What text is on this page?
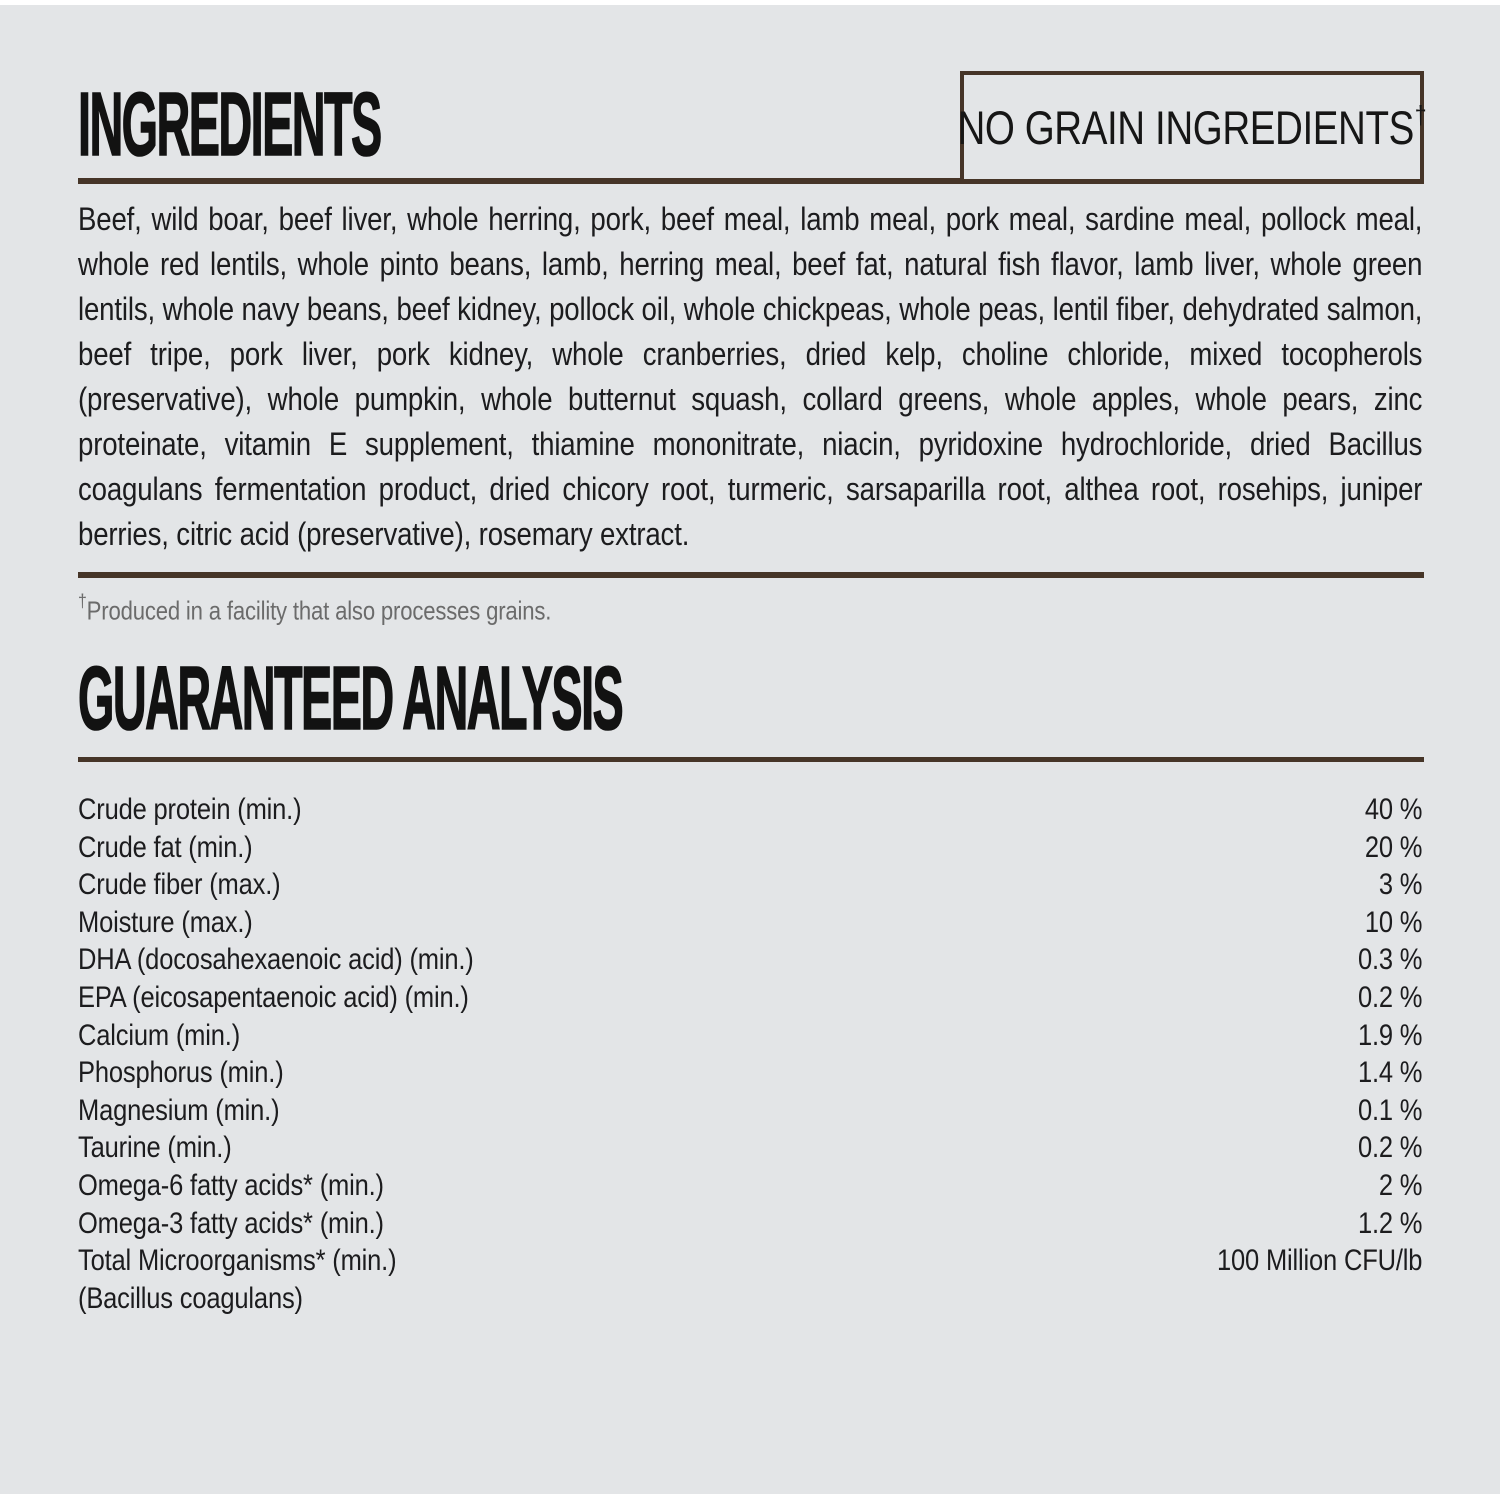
INGREDIENTS	NO GRAIN INGREDIENTS†
Beef, wild boar, beef liver, whole herring, pork, beef meal, lamb meal, pork meal, sardine meal, pollock meal, whole red lentils, whole pinto beans, lamb, herring meal, beef fat, natural fish flavor, lamb liver, whole green lentils, whole navy beans, beef kidney, pollock oil, whole chickpeas, whole peas, lentil fiber, dehydrated salmon, beef tripe, pork liver, pork kidney, whole cranberries, dried kelp, choline chloride, mixed tocopherols (preservative), whole pumpkin, whole butternut squash, collard greens, whole apples, whole pears, zinc proteinate, vitamin E supplement, thiamine mononitrate, niacin, pyridoxine hydrochloride, dried Bacillus coagulans fermentation product, dried chicory root, turmeric, sarsaparilla root, althea root, rosehips, juniper berries, citric acid (preservative), rosemary extract.
†Produced in a facility that also processes grains.
GUARANTEED ANALYSIS
Crude protein (min.)	40 %
Crude fat (min.)	20 %
Crude fiber (max.)	3 %
Moisture (max.)	10 %
DHA (docosahexaenoic acid) (min.)	0.3 %
EPA (eicosapentaenoic acid) (min.)	0.2 %
Calcium (min.)	1.9 %
Phosphorus (min.)	1.4 %
Magnesium (min.)	0.1 %
Taurine (min.)	0.2 %
Omega-6 fatty acids* (min.)	2 %
Omega-3 fatty acids* (min.)	1.2 %
Total Microorganisms* (min.)	100 Million CFU/lb
(Bacillus coagulans)
